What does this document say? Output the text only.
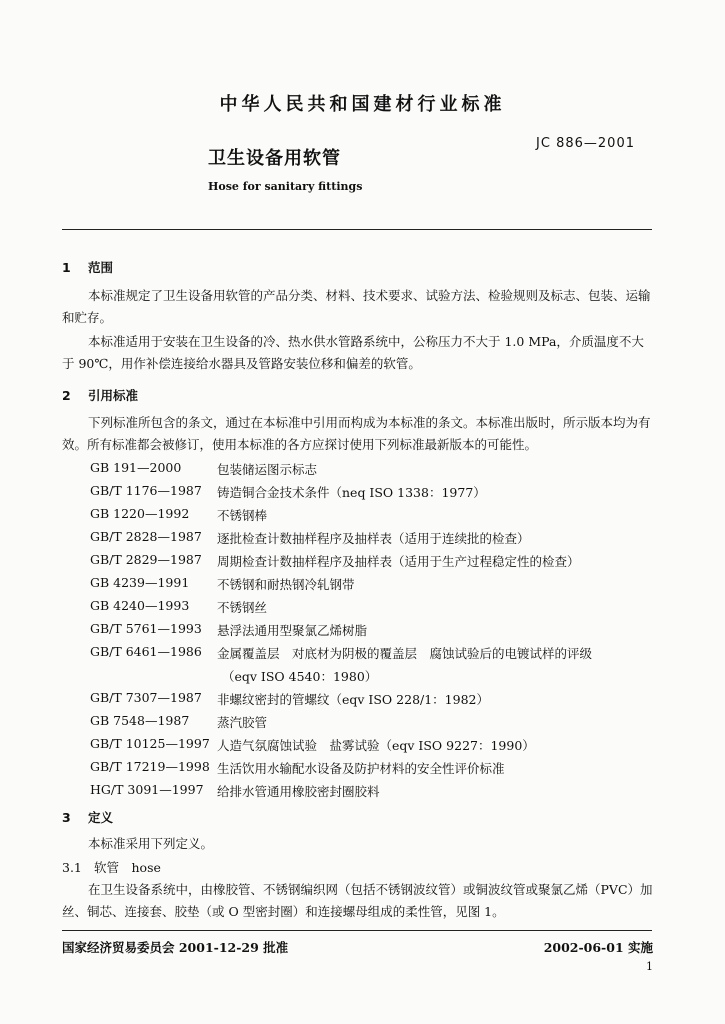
中华人民共和国建材行业标准
JC 886—2001
卫生设备用软管
Hose for sanitary fittings
1 范围
本标准规定了卫生设备用软管的产品分类、材料、技术要求、试验方法、检验规则及标志、包装、运输和贮存。
本标准适用于安装在卫生设备的冷、热水供水管路系统中，公称压力不大于 1.0 MPa，介质温度不大于 90℃，用作补偿连接给水器具及管路安装位移和偏差的软管。
2 引用标准
下列标准所包含的条文，通过在本标准中引用而构成为本标准的条文。本标准出版时，所示版本均为有效。所有标准都会被修订，使用本标准的各方应探讨使用下列标准最新版本的可能性。
GB 191—2000	包装储运图示标志
GB/T 1176—1987 铸造铜合金技术条件（neq ISO 1338：1977）
GB 1220—1992 不锈钢棒
GB/T 2828—1987 逐批检查计数抽样程序及抽样表（适用于连续批的检查）
GB/T 2829—1987 周期检查计数抽样程序及抽样表（适用于生产过程稳定性的检查）
GB 4239—1991 不锈钢和耐热钢冷轧钢带
GB 4240—1993 不锈钢丝
GB/T 5761—1993 悬浮法通用型聚氯乙烯树脂
GB/T 6461—1986 金属覆盖层　对底材为阴极的覆盖层　腐蚀试验后的电镀试样的评级
（eqv ISO 4540：1980）
GB/T 7307—1987 非螺纹密封的管螺纹（eqv ISO 228/1：1982）
GB 7548—1987 蒸汽胶管
GB/T 10125—1997 人造气氛腐蚀试验　盐雾试验（eqv ISO 9227：1990）
GB/T 17219—1998 生活饮用水输配水设备及防护材料的安全性评价标准
HG/T 3091—1997 给排水管通用橡胶密封圈胶料
3 定义
本标准采用下列定义。
3.1 软管　hose
在卫生设备系统中，由橡胶管、不锈钢编织网（包括不锈钢波纹管）或铜波纹管或聚氯乙烯（PVC）加丝、铜芯、连接套、胶垫（或 O 型密封圈）和连接螺母组成的柔性管，见图 1。
国家经济贸易委员会 2001-12-29 批准	2002-06-01 实施
1
